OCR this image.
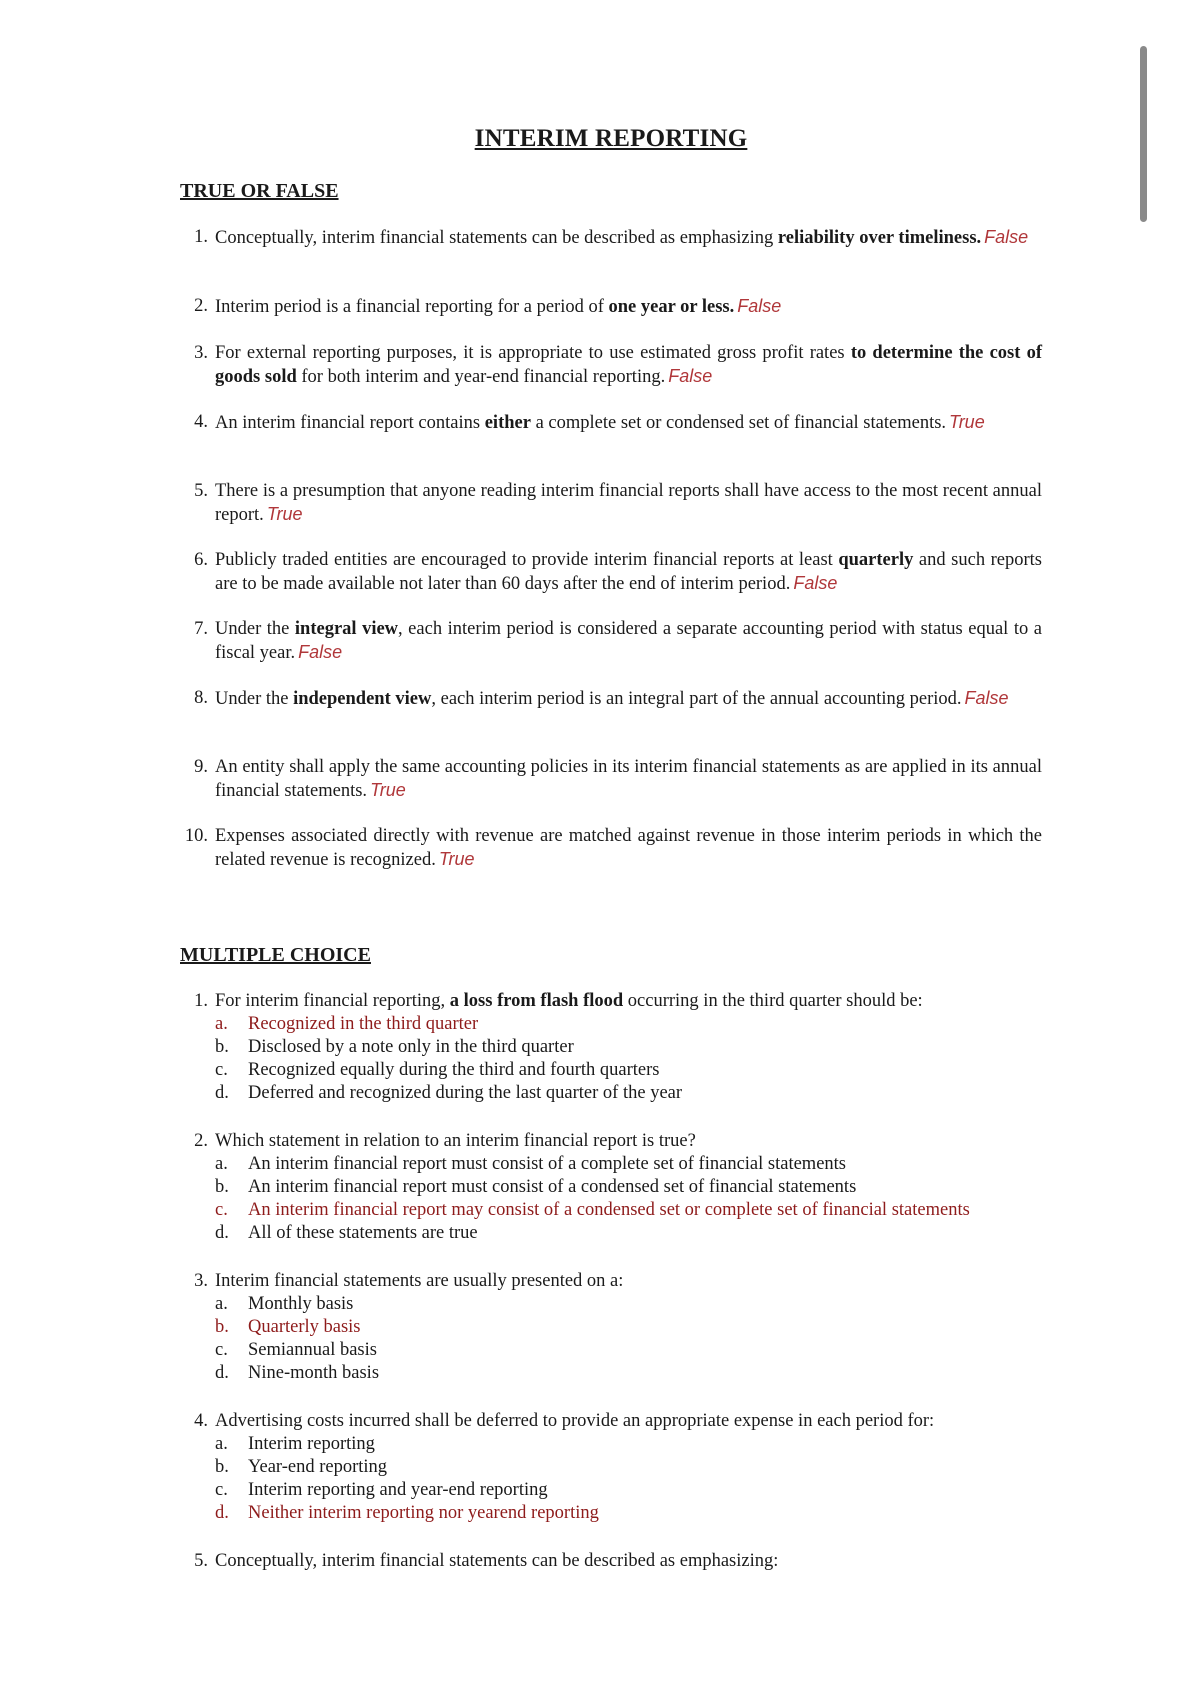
INTERIM REPORTING
TRUE OR FALSE
1. Conceptually, interim financial statements can be described as emphasizing reliability over timeliness. False
2. Interim period is a financial reporting for a period of one year or less. False
3. For external reporting purposes, it is appropriate to use estimated gross profit rates to determine the cost of goods sold for both interim and year-end financial reporting. False
4. An interim financial report contains either a complete set or condensed set of financial statements. True
5. There is a presumption that anyone reading interim financial reports shall have access to the most recent annual report. True
6. Publicly traded entities are encouraged to provide interim financial reports at least quarterly and such reports are to be made available not later than 60 days after the end of interim period. False
7. Under the integral view, each interim period is considered a separate accounting period with status equal to a fiscal year. False
8. Under the independent view, each interim period is an integral part of the annual accounting period. False
9. An entity shall apply the same accounting policies in its interim financial statements as are applied in its annual financial statements. True
10. Expenses associated directly with revenue are matched against revenue in those interim periods in which the related revenue is recognized. True
MULTIPLE CHOICE
1. For interim financial reporting, a loss from flash flood occurring in the third quarter should be:
a. Recognized in the third quarter
b. Disclosed by a note only in the third quarter
c. Recognized equally during the third and fourth quarters
d. Deferred and recognized during the last quarter of the year
2. Which statement in relation to an interim financial report is true?
a. An interim financial report must consist of a complete set of financial statements
b. An interim financial report must consist of a condensed set of financial statements
c. An interim financial report may consist of a condensed set or complete set of financial statements
d. All of these statements are true
3. Interim financial statements are usually presented on a:
a. Monthly basis
b. Quarterly basis
c. Semiannual basis
d. Nine-month basis
4. Advertising costs incurred shall be deferred to provide an appropriate expense in each period for:
a. Interim reporting
b. Year-end reporting
c. Interim reporting and year-end reporting
d. Neither interim reporting nor yearend reporting
5. Conceptually, interim financial statements can be described as emphasizing:
